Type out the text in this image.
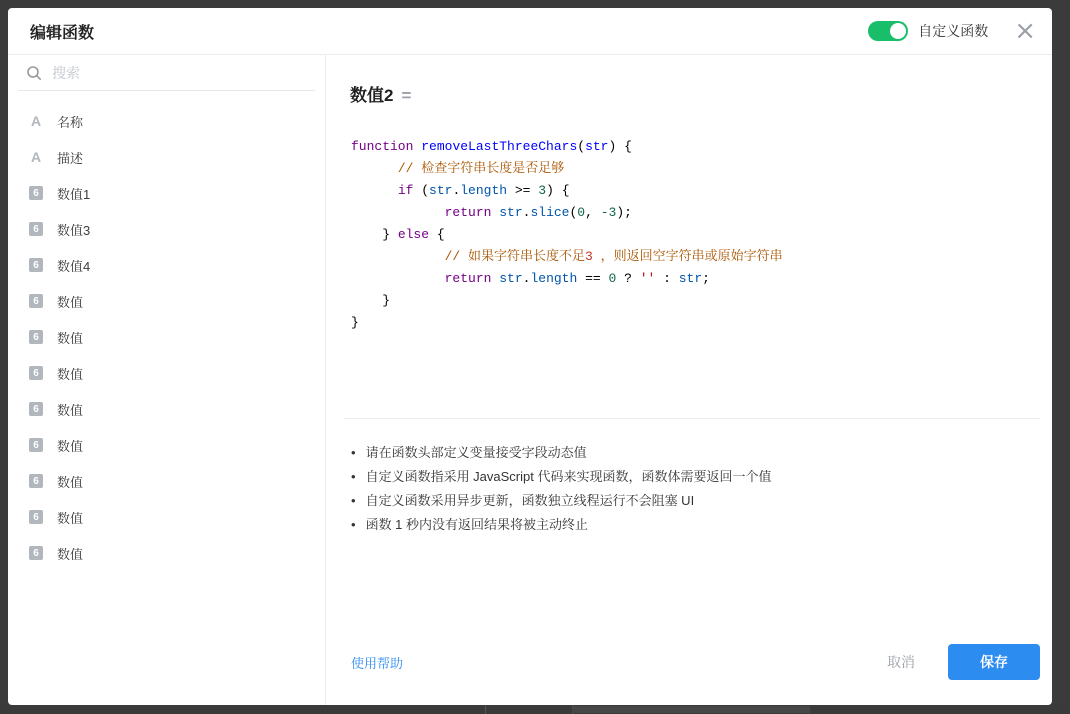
编辑函数	自定义函数 ×
搜索
A 名称
A 描述
6	数值1
6	数值3
6	数值4
6	数值
6	数值
6	数值
6	数值
6	数值
6	数值
6	数值
6	数值
数值2 =
function removeLastThreeChars(str) {
// 检查字符串长度是否足够
if (str.length >= 3) {
return str.slice(0, -3);
} else {
// 如果字符串长度不足3 ，则返回空字符串或原始字符串
return str.length == 0 ? '' : str;
}
}
• 请在函数头部定义变量接受字段动态值
• 自定义函数指采用 JavaScript 代码来实现函数，函数体需要返回一个值
• 自定义函数采用异步更新，函数独立线程运行不会阻塞 UI
• 函数 1 秒内没有返回结果将被主动终止
使用帮助	取消	保存
